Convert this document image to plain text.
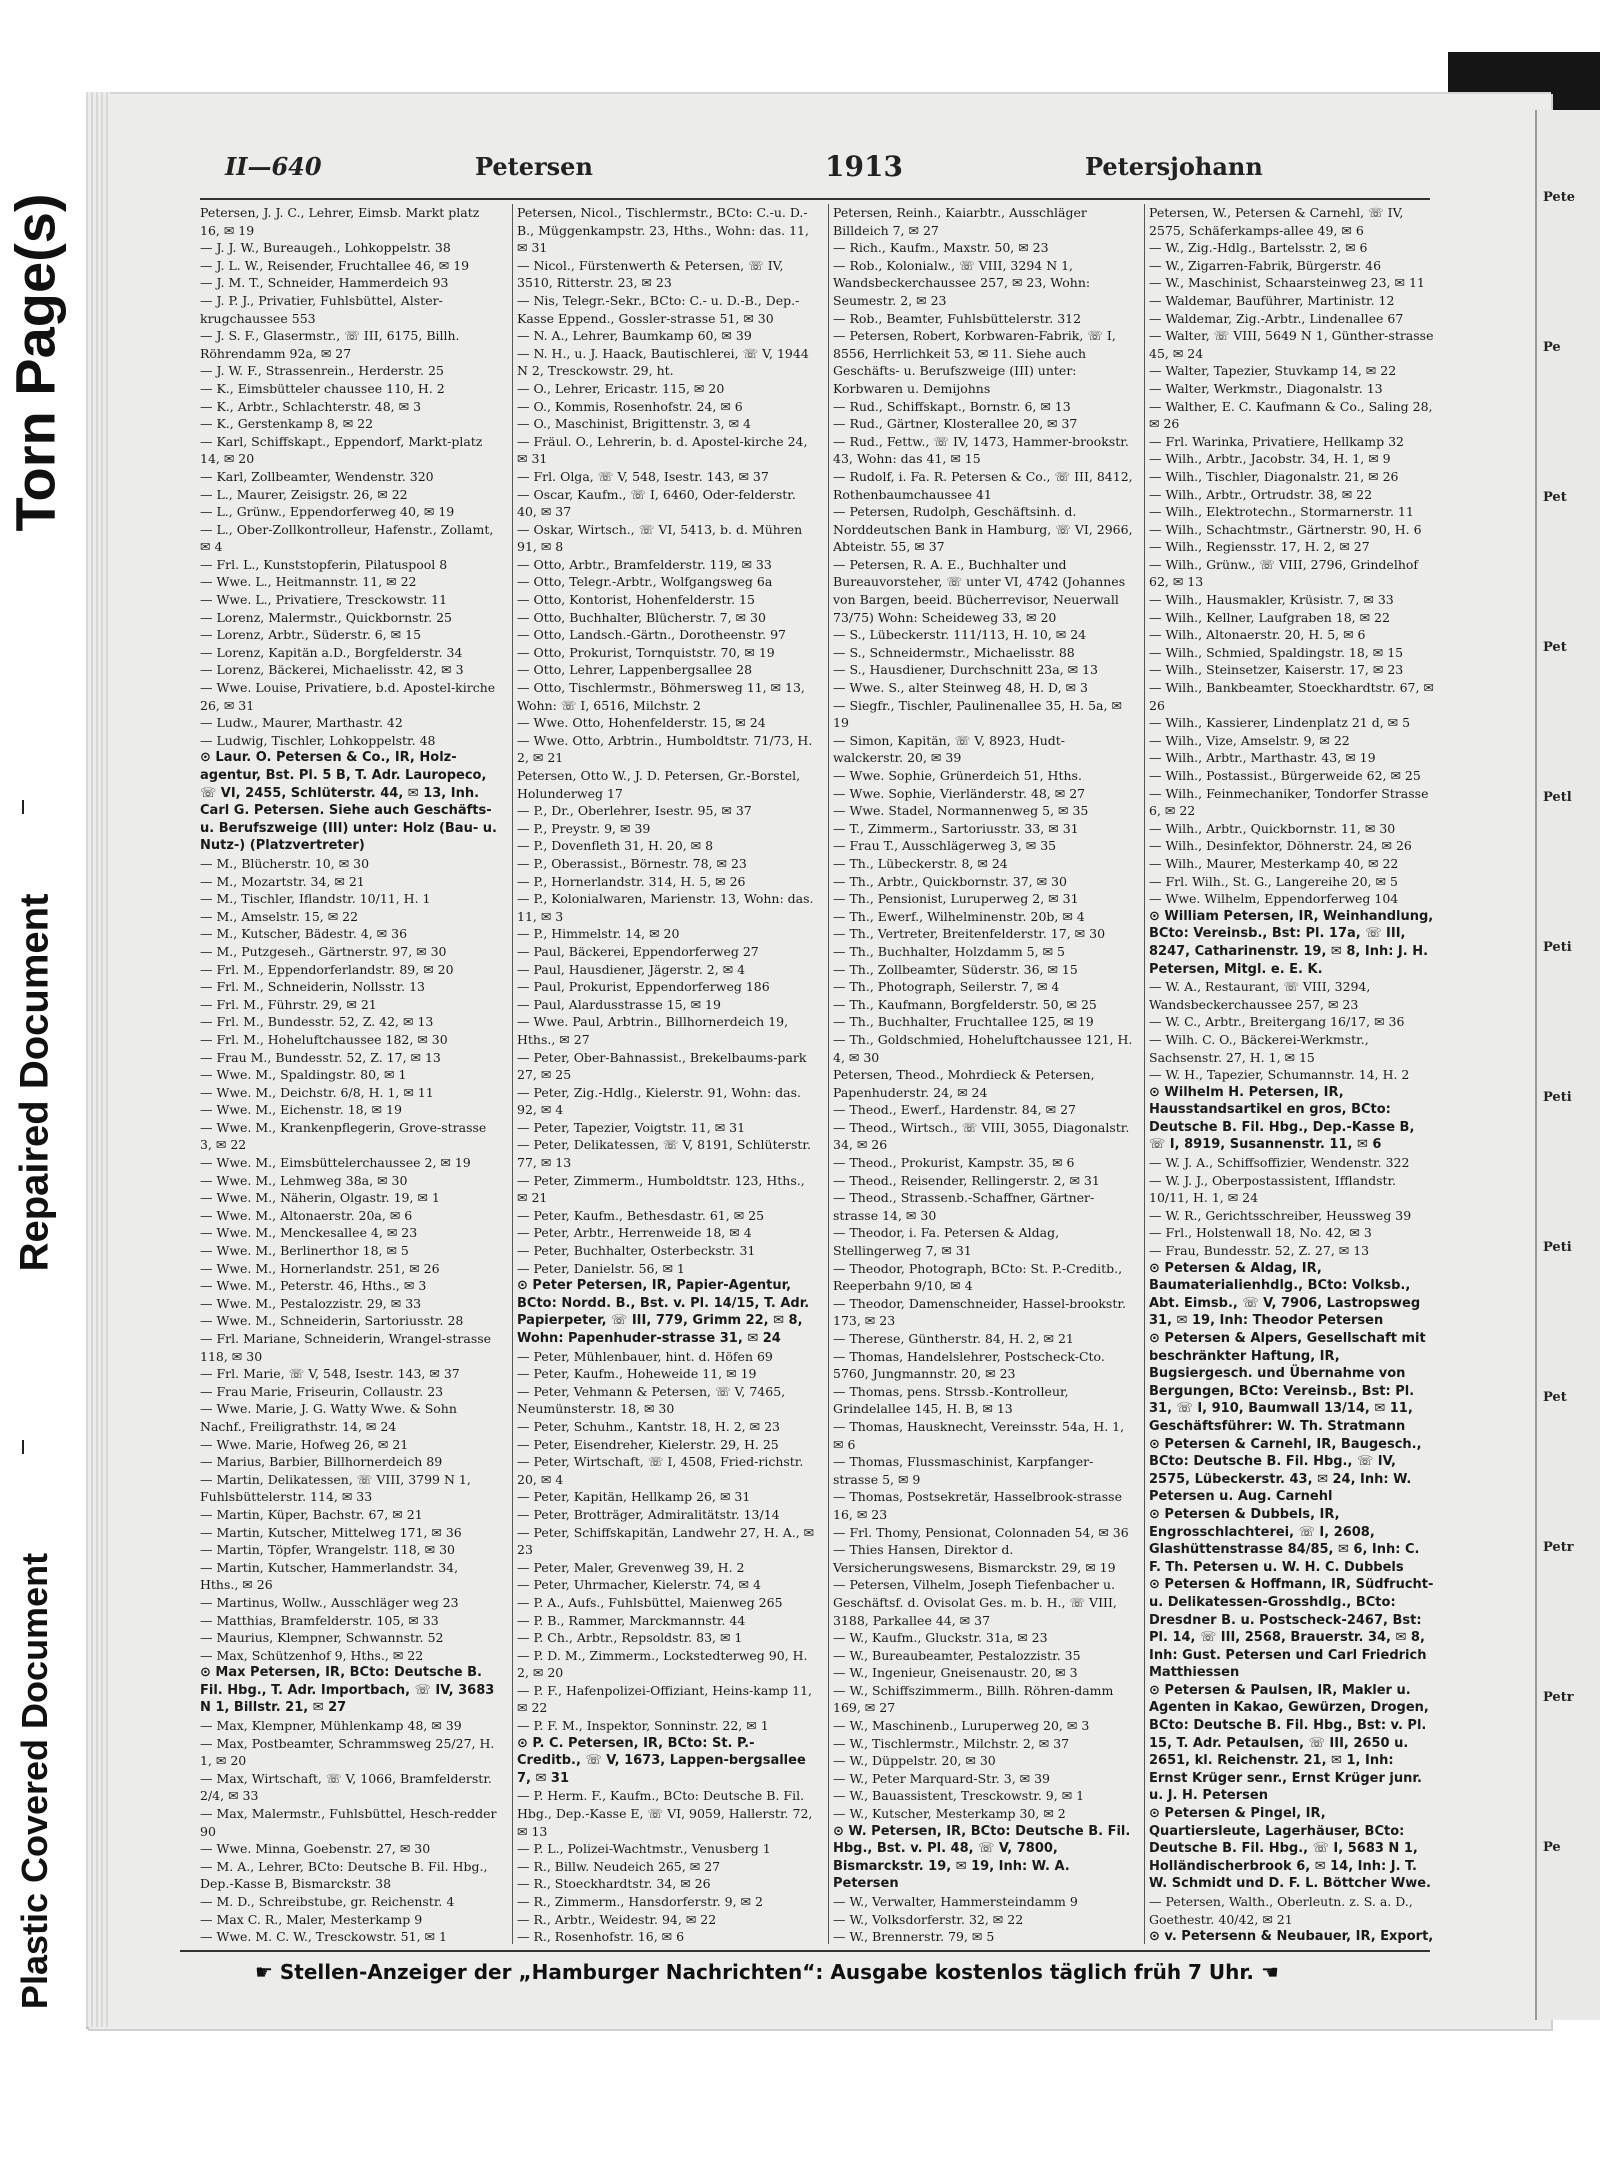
Torn Page(s)
Repaired Document
Plastic Covered Document
Pete
Pe
Pet
Pet
Petl
Peti
Peti
Peti
Pet
Petr
Petr
Pe
II—640	Petersen	1913	Petersjohann

Petersen, J. J. C., Lehrer, Eimsb. Markt platz 16, ✉ 19

— J. J. W., Bureaugeh., Lohkoppelstr. 38

— J. L. W., Reisender, Fruchtallee 46, ✉ 19

— J. M. T., Schneider, Hammerdeich 93

— J. P. J., Privatier, Fuhlsbüttel, Alster-krugchaussee 553

— J. S. F., Glasermstr., ☏ III, 6175, Billh. Röhrendamm 92a, ✉ 27

— J. W. F., Strassenrein., Herderstr. 25

— K., Eimsbütteler chaussee 110, H. 2

— K., Arbtr., Schlachterstr. 48, ✉ 3

— K., Gerstenkamp 8, ✉ 22

— Karl, Schiffskapt., Eppendorf, Markt-platz 14, ✉ 20

— Karl, Zollbeamter, Wendenstr. 320

— L., Maurer, Zeisigstr. 26, ✉ 22

— L., Grünw., Eppendorferweg 40, ✉ 19

— L., Ober-Zollkontrolleur, Hafenstr., Zollamt, ✉ 4

— Frl. L., Kunststopferin, Pilatuspool 8

— Wwe. L., Heitmannstr. 11, ✉ 22

— Wwe. L., Privatiere, Tresckowstr. 11

— Lorenz, Malermstr., Quickbornstr. 25

— Lorenz, Arbtr., Süderstr. 6, ✉ 15

— Lorenz, Kapitän a.D., Borgfelderstr. 34

— Lorenz, Bäckerei, Michaelisstr. 42, ✉ 3

— Wwe. Louise, Privatiere, b.d. Apostel-kirche 26, ✉ 31

— Ludw., Maurer, Marthastr. 42

— Ludwig, Tischler, Lohkoppelstr. 48

⊙ Laur. O. Petersen & Co., IR, Holz-agentur, Bst. Pl. 5 B, T. Adr. Lauropeco, ☏ VI, 2455, Schlüterstr. 44, ✉ 13, Inh. Carl G. Petersen. Siehe auch Geschäfts- u. Berufszweige (III) unter: Holz (Bau- u. Nutz-) (Platzvertreter)

— M., Blücherstr. 10, ✉ 30

— M., Mozartstr. 34, ✉ 21

— M., Tischler, Iflandstr. 10/11, H. 1

— M., Amselstr. 15, ✉ 22

— M., Kutscher, Bädestr. 4, ✉ 36

— M., Putzgeseh., Gärtnerstr. 97, ✉ 30

— Frl. M., Eppendorferlandstr. 89, ✉ 20

— Frl. M., Schneiderin, Nollsstr. 13

— Frl. M., Führstr. 29, ✉ 21

— Frl. M., Bundesstr. 52, Z. 42, ✉ 13

— Frl. M., Hoheluftchaussee 182, ✉ 30

— Frau M., Bundesstr. 52, Z. 17, ✉ 13

— Wwe. M., Spaldingstr. 80, ✉ 1

— Wwe. M., Deichstr. 6/8, H. 1, ✉ 11

— Wwe. M., Eichenstr. 18, ✉ 19

— Wwe. M., Krankenpflegerin, Grove-strasse 3, ✉ 22

— Wwe. M., Eimsbüttelerchaussee 2, ✉ 19

— Wwe. M., Lehmweg 38a, ✉ 30

— Wwe. M., Näherin, Olgastr. 19, ✉ 1

— Wwe. M., Altonaerstr. 20a, ✉ 6

— Wwe. M., Menckesallee 4, ✉ 23

— Wwe. M., Berlinerthor 18, ✉ 5

— Wwe. M., Hornerlandstr. 251, ✉ 26

— Wwe. M., Peterstr. 46, Hths., ✉ 3

— Wwe. M., Pestalozzistr. 29, ✉ 33

— Wwe. M., Schneiderin, Sartoriusstr. 28

— Frl. Mariane, Schneiderin, Wrangel-strasse 118, ✉ 30

— Frl. Marie, ☏ V, 548, Isestr. 143, ✉ 37

— Frau Marie, Friseurin, Collaustr. 23

— Wwe. Marie, J. G. Watty Wwe. & Sohn Nachf., Freiligrathstr. 14, ✉ 24

— Wwe. Marie, Hofweg 26, ✉ 21

— Marius, Barbier, Billhornerdeich 89

— Martin, Delikatessen, ☏ VIII, 3799 N 1, Fuhlsbüttelerstr. 114, ✉ 33

— Martin, Küper, Bachstr. 67, ✉ 21

— Martin, Kutscher, Mittelweg 171, ✉ 36

— Martin, Töpfer, Wrangelstr. 118, ✉ 30

— Martin, Kutscher, Hammerlandstr. 34, Hths., ✉ 26

— Martinus, Wollw., Ausschläger weg 23

— Matthias, Bramfelderstr. 105, ✉ 33

— Maurius, Klempner, Schwannstr. 52

— Max, Schützenhof 9, Hths., ✉ 22

⊙ Max Petersen, IR, BCto: Deutsche B. Fil. Hbg., T. Adr. Importbach, ☏ IV, 3683 N 1, Billstr. 21, ✉ 27

— Max, Klempner, Mühlenkamp 48, ✉ 39

— Max, Postbeamter, Schrammsweg 25/27, H. 1, ✉ 20

— Max, Wirtschaft, ☏ V, 1066, Bramfelderstr. 2/4, ✉ 33

— Max, Malermstr., Fuhlsbüttel, Hesch-redder 90

— Wwe. Minna, Goebenstr. 27, ✉ 30

— M. A., Lehrer, BCto: Deutsche B. Fil. Hbg., Dep.-Kasse B, Bismarckstr. 38

— M. D., Schreibstube, gr. Reichenstr. 4

— Max C. R., Maler, Mesterkamp 9

— Wwe. M. C. W., Tresckowstr. 51, ✉ 1

Petersen, Nicol., Tischlermstr., BCto: C.-u. D.-B., Müggenkampstr. 23, Hths., Wohn: das. 11, ✉ 31

— Nicol., Fürstenwerth & Petersen, ☏ IV, 3510, Ritterstr. 23, ✉ 23

— Nis, Telegr.-Sekr., BCto: C.- u. D.-B., Dep.-Kasse Eppend., Gossler-strasse 51, ✉ 30

— N. A., Lehrer, Baumkamp 60, ✉ 39

— N. H., u. J. Haack, Bautischlerei, ☏ V, 1944 N 2, Tresckowstr. 29, ht.

— O., Lehrer, Ericastr. 115, ✉ 20

— O., Kommis, Rosenhofstr. 24, ✉ 6

— O., Maschinist, Brigittenstr. 3, ✉ 4

— Fräul. O., Lehrerin, b. d. Apostel-kirche 24, ✉ 31

— Frl. Olga, ☏ V, 548, Isestr. 143, ✉ 37

— Oscar, Kaufm., ☏ I, 6460, Oder-felderstr. 40, ✉ 37

— Oskar, Wirtsch., ☏ VI, 5413, b. d. Mühren 91, ✉ 8

— Otto, Arbtr., Bramfelderstr. 119, ✉ 33

— Otto, Telegr.-Arbtr., Wolfgangsweg 6a

— Otto, Kontorist, Hohenfelderstr. 15

— Otto, Buchhalter, Blücherstr. 7, ✉ 30

— Otto, Landsch.-Gärtn., Dorotheenstr. 97

— Otto, Prokurist, Tornquiststr. 70, ✉ 19

— Otto, Lehrer, Lappenbergsallee 28

— Otto, Tischlermstr., Böhmersweg 11, ✉ 13, Wohn: ☏ I, 6516, Milchstr. 2

— Wwe. Otto, Hohenfelderstr. 15, ✉ 24

— Wwe. Otto, Arbtrin., Humboldtstr. 71/73, H. 2, ✉ 21

Petersen, Otto W., J. D. Petersen, Gr.-Borstel, Holunderweg 17

— P., Dr., Oberlehrer, Isestr. 95, ✉ 37

— P., Preystr. 9, ✉ 39

— P., Dovenfleth 31, H. 20, ✉ 8

— P., Oberassist., Börnestr. 78, ✉ 23

— P., Hornerlandstr. 314, H. 5, ✉ 26

— P., Kolonialwaren, Marienstr. 13, Wohn: das. 11, ✉ 3

— P., Himmelstr. 14, ✉ 20

— Paul, Bäckerei, Eppendorferweg 27

— Paul, Hausdiener, Jägerstr. 2, ✉ 4

— Paul, Prokurist, Eppendorferweg 186

— Paul, Alardusstrasse 15, ✉ 19

— Wwe. Paul, Arbtrin., Billhornerdeich 19, Hths., ✉ 27

— Peter, Ober-Bahnassist., Brekelbaums-park 27, ✉ 25

— Peter, Zig.-Hdlg., Kielerstr. 91, Wohn: das. 92, ✉ 4

— Peter, Tapezier, Voigtstr. 11, ✉ 31

— Peter, Delikatessen, ☏ V, 8191, Schlüterstr. 77, ✉ 13

— Peter, Zimmerm., Humboldtstr. 123, Hths., ✉ 21

— Peter, Kaufm., Bethesdastr. 61, ✉ 25

— Peter, Arbtr., Herrenweide 18, ✉ 4

— Peter, Buchhalter, Osterbeckstr. 31

— Peter, Danielstr. 56, ✉ 1

⊙ Peter Petersen, IR, Papier-Agentur, BCto: Nordd. B., Bst. v. Pl. 14/15, T. Adr. Papierpeter, ☏ III, 779, Grimm 22, ✉ 8, Wohn: Papenhuder-strasse 31, ✉ 24

— Peter, Mühlenbauer, hint. d. Höfen 69

— Peter, Kaufm., Hoheweide 11, ✉ 19

— Peter, Vehmann & Petersen, ☏ V, 7465, Neumünsterstr. 18, ✉ 30

— Peter, Schuhm., Kantstr. 18, H. 2, ✉ 23

— Peter, Eisendreher, Kielerstr. 29, H. 25

— Peter, Wirtschaft, ☏ I, 4508, Fried-richstr. 20, ✉ 4

— Peter, Kapitän, Hellkamp 26, ✉ 31

— Peter, Brotträger, Admiralitätstr. 13/14

— Peter, Schiffskapitän, Landwehr 27, H. A., ✉ 23

— Peter, Maler, Grevenweg 39, H. 2

— Peter, Uhrmacher, Kielerstr. 74, ✉ 4

— P. A., Aufs., Fuhlsbüttel, Maienweg 265

— P. B., Rammer, Marckmannstr. 44

— P. Ch., Arbtr., Repsoldstr. 83, ✉ 1

— P. D. M., Zimmerm., Lockstedterweg 90, H. 2, ✉ 20

— P. F., Hafenpolizei-Offiziant, Heins-kamp 11, ✉ 22

— P. F. M., Inspektor, Sonninstr. 22, ✉ 1

⊙ P. C. Petersen, IR, BCto: St. P.-Creditb., ☏ V, 1673, Lappen-bergsallee 7, ✉ 31

— P. Herm. F., Kaufm., BCto: Deutsche B. Fil. Hbg., Dep.-Kasse E, ☏ VI, 9059, Hallerstr. 72, ✉ 13

— P. L., Polizei-Wachtmstr., Venusberg 1

— R., Billw. Neudeich 265, ✉ 27

— R., Stoeckhardtstr. 34, ✉ 26

— R., Zimmerm., Hansdorferstr. 9, ✉ 2

— R., Arbtr., Weidestr. 94, ✉ 22

— R., Rosenhofstr. 16, ✉ 6

Petersen, Reinh., Kaiarbtr., Ausschläger Billdeich 7, ✉ 27

— Rich., Kaufm., Maxstr. 50, ✉ 23

— Rob., Kolonialw., ☏ VIII, 3294 N 1, Wandsbeckerchaussee 257, ✉ 23, Wohn: Seumestr. 2, ✉ 23

— Rob., Beamter, Fuhlsbüttelerstr. 312

— Petersen, Robert, Korbwaren-Fabrik, ☏ I, 8556, Herrlichkeit 53, ✉ 11. Siehe auch Geschäfts- u. Berufszweige (III) unter: Korbwaren u. Demijohns

— Rud., Schiffskapt., Bornstr. 6, ✉ 13

— Rud., Gärtner, Klosterallee 20, ✉ 37

— Rud., Fettw., ☏ IV, 1473, Hammer-brookstr. 43, Wohn: das 41, ✉ 15

— Rudolf, i. Fa. R. Petersen & Co., ☏ III, 8412, Rothenbaumchaussee 41

— Petersen, Rudolph, Geschäftsinh. d. Norddeutschen Bank in Hamburg, ☏ VI, 2966, Abteistr. 55, ✉ 37

— Petersen, R. A. E., Buchhalter und Bureauvorsteher, ☏ unter VI, 4742 (Johannes von Bargen, beeid. Bücherrevisor, Neuerwall 73/75) Wohn: Scheideweg 33, ✉ 20

— S., Lübeckerstr. 111/113, H. 10, ✉ 24

— S., Schneidermstr., Michaelisstr. 88

— S., Hausdiener, Durchschnitt 23a, ✉ 13

— Wwe. S., alter Steinweg 48, H. D, ✉ 3

— Siegfr., Tischler, Paulinenallee 35, H. 5a, ✉ 19

— Simon, Kapitän, ☏ V, 8923, Hudt-walckerstr. 20, ✉ 39

— Wwe. Sophie, Grünerdeich 51, Hths.

— Wwe. Sophie, Vierländerstr. 48, ✉ 27

— Wwe. Stadel, Normannenweg 5, ✉ 35

— T., Zimmerm., Sartoriusstr. 33, ✉ 31

— Frau T., Ausschlägerweg 3, ✉ 35

— Th., Lübeckerstr. 8, ✉ 24

— Th., Arbtr., Quickbornstr. 37, ✉ 30

— Th., Pensionist, Luruperweg 2, ✉ 31

— Th., Ewerf., Wilhelminenstr. 20b, ✉ 4

— Th., Vertreter, Breitenfelderstr. 17, ✉ 30

— Th., Buchhalter, Holzdamm 5, ✉ 5

— Th., Zollbeamter, Süderstr. 36, ✉ 15

— Th., Photograph, Seilerstr. 7, ✉ 4

— Th., Kaufmann, Borgfelderstr. 50, ✉ 25

— Th., Buchhalter, Fruchtallee 125, ✉ 19

— Th., Goldschmied, Hoheluftchaussee 121, H. 4, ✉ 30

Petersen, Theod., Mohrdieck & Petersen, Papenhuderstr. 24, ✉ 24

— Theod., Ewerf., Hardenstr. 84, ✉ 27

— Theod., Wirtsch., ☏ VIII, 3055, Diagonalstr. 34, ✉ 26

— Theod., Prokurist, Kampstr. 35, ✉ 6

— Theod., Reisender, Rellingerstr. 2, ✉ 31

— Theod., Strassenb.-Schaffner, Gärtner-strasse 14, ✉ 30

— Theodor, i. Fa. Petersen & Aldag, Stellingerweg 7, ✉ 31

— Theodor, Photograph, BCto: St. P.-Creditb., Reeperbahn 9/10, ✉ 4

— Theodor, Damenschneider, Hassel-brookstr. 173, ✉ 23

— Therese, Güntherstr. 84, H. 2, ✉ 21

— Thomas, Handelslehrer, Postscheck-Cto. 5760, Jungmannstr. 20, ✉ 23

— Thomas, pens. Strssb.-Kontrolleur, Grindelallee 145, H. B, ✉ 13

— Thomas, Hausknecht, Vereinsstr. 54a, H. 1, ✉ 6

— Thomas, Flussmaschinist, Karpfanger-strasse 5, ✉ 9

— Thomas, Postsekretär, Hasselbrook-strasse 16, ✉ 23

— Frl. Thomy, Pensionat, Colonnaden 54, ✉ 36

— Thies Hansen, Direktor d. Versicherungswesens, Bismarckstr. 29, ✉ 19

— Petersen, Vilhelm, Joseph Tiefenbacher u. Geschäftsf. d. Ovisolat Ges. m. b. H., ☏ VIII, 3188, Parkallee 44, ✉ 37

— W., Kaufm., Gluckstr. 31a, ✉ 23

— W., Bureaubeamter, Pestalozzistr. 35

— W., Ingenieur, Gneisenaustr. 20, ✉ 3

— W., Schiffszimmerm., Billh. Röhren-damm 169, ✉ 27

— W., Maschinenb., Luruperweg 20, ✉ 3

— W., Tischlermstr., Milchstr. 2, ✉ 37

— W., Düppelstr. 20, ✉ 30

— W., Peter Marquard-Str. 3, ✉ 39

— W., Bauassistent, Tresckowstr. 9, ✉ 1

— W., Kutscher, Mesterkamp 30, ✉ 2

⊙ W. Petersen, IR, BCto: Deutsche B. Fil. Hbg., Bst. v. Pl. 48, ☏ V, 7800, Bismarckstr. 19, ✉ 19, Inh: W. A. Petersen

— W., Verwalter, Hammersteindamm 9

— W., Volksdorferstr. 32, ✉ 22

— W., Brennerstr. 79, ✉ 5

Petersen, W., Petersen & Carnehl, ☏ IV, 2575, Schäferkamps-allee 49, ✉ 6

— W., Zig.-Hdlg., Bartelsstr. 2, ✉ 6

— W., Zigarren-Fabrik, Bürgerstr. 46

— W., Maschinist, Schaarsteinweg 23, ✉ 11

— Waldemar, Bauführer, Martinistr. 12

— Waldemar, Zig.-Arbtr., Lindenallee 67

— Walter, ☏ VIII, 5649 N 1, Günther-strasse 45, ✉ 24

— Walter, Tapezier, Stuvkamp 14, ✉ 22

— Walter, Werkmstr., Diagonalstr. 13

— Walther, E. C. Kaufmann & Co., Saling 28, ✉ 26

— Frl. Warinka, Privatiere, Hellkamp 32

— Wilh., Arbtr., Jacobstr. 34, H. 1, ✉ 9

— Wilh., Tischler, Diagonalstr. 21, ✉ 26

— Wilh., Arbtr., Ortrudstr. 38, ✉ 22

— Wilh., Elektrotechn., Stormarnerstr. 11

— Wilh., Schachtmstr., Gärtnerstr. 90, H. 6

— Wilh., Regiensstr. 17, H. 2, ✉ 27

— Wilh., Grünw., ☏ VIII, 2796, Grindelhof 62, ✉ 13

— Wilh., Hausmakler, Krüsistr. 7, ✉ 33

— Wilh., Kellner, Laufgraben 18, ✉ 22

— Wilh., Altonaerstr. 20, H. 5, ✉ 6

— Wilh., Schmied, Spaldingstr. 18, ✉ 15

— Wilh., Steinsetzer, Kaiserstr. 17, ✉ 23

— Wilh., Bankbeamter, Stoeckhardtstr. 67, ✉ 26

— Wilh., Kassierer, Lindenplatz 21 d, ✉ 5

— Wilh., Vize, Amselstr. 9, ✉ 22

— Wilh., Arbtr., Marthastr. 43, ✉ 19

— Wilh., Postassist., Bürgerweide 62, ✉ 25

— Wilh., Feinmechaniker, Tondorfer Strasse 6, ✉ 22

— Wilh., Arbtr., Quickbornstr. 11, ✉ 30

— Wilh., Desinfektor, Döhnerstr. 24, ✉ 26

— Wilh., Maurer, Mesterkamp 40, ✉ 22

— Frl. Wilh., St. G., Langereihe 20, ✉ 5

— Wwe. Wilhelm, Eppendorferweg 104

⊙ William Petersen, IR, Weinhandlung, BCto: Vereinsb., Bst: Pl. 17a, ☏ III, 8247, Catharinenstr. 19, ✉ 8, Inh: J. H. Petersen, Mitgl. e. E. K.

— W. A., Restaurant, ☏ VIII, 3294, Wandsbeckerchaussee 257, ✉ 23

— W. C., Arbtr., Breitergang 16/17, ✉ 36

— Wilh. C. O., Bäckerei-Werkmstr., Sachsenstr. 27, H. 1, ✉ 15

— W. H., Tapezier, Schumannstr. 14, H. 2

⊙ Wilhelm H. Petersen, IR, Hausstandsartikel en gros, BCto: Deutsche B. Fil. Hbg., Dep.-Kasse B, ☏ I, 8919, Susannenstr. 11, ✉ 6

— W. J. A., Schiffsoffizier, Wendenstr. 322

— W. J. J., Oberpostassistent, Ifflandstr. 10/11, H. 1, ✉ 24

— W. R., Gerichtsschreiber, Heussweg 39

— Frl., Holstenwall 18, No. 42, ✉ 3

— Frau, Bundesstr. 52, Z. 27, ✉ 13

⊙ Petersen & Aldag, IR, Baumaterialienhdlg., BCto: Volksb., Abt. Eimsb., ☏ V, 7906, Lastropsweg 31, ✉ 19, Inh: Theodor Petersen

⊙ Petersen & Alpers, Gesellschaft mit beschränkter Haftung, IR, Bugsiergesch. und Übernahme von Bergungen, BCto: Vereinsb., Bst: Pl. 31, ☏ I, 910, Baumwall 13/14, ✉ 11, Geschäftsführer: W. Th. Stratmann

⊙ Petersen & Carnehl, IR, Baugesch., BCto: Deutsche B. Fil. Hbg., ☏ IV, 2575, Lübeckerstr. 43, ✉ 24, Inh: W. Petersen u. Aug. Carnehl

⊙ Petersen & Dubbels, IR, Engrosschlachterei, ☏ I, 2608, Glashüttenstrasse 84/85, ✉ 6, Inh: C. F. Th. Petersen u. W. H. C. Dubbels

⊙ Petersen & Hoffmann, IR, Südfrucht- u. Delikatessen-Grosshdlg., BCto: Dresdner B. u. Postscheck-2467, Bst: Pl. 14, ☏ III, 2568, Brauerstr. 34, ✉ 8, Inh: Gust. Petersen und Carl Friedrich Matthiessen

⊙ Petersen & Paulsen, IR, Makler u. Agenten in Kakao, Gewürzen, Drogen, BCto: Deutsche B. Fil. Hbg., Bst: v. Pl. 15, T. Adr. Petaulsen, ☏ III, 2650 u. 2651, kl. Reichenstr. 21, ✉ 1, Inh: Ernst Krüger senr., Ernst Krüger junr. u. J. H. Petersen

⊙ Petersen & Pingel, IR, Quartiersleute, Lagerhäuser, BCto: Deutsche B. Fil. Hbg., ☏ I, 5683 N 1, Holländischerbrook 6, ✉ 14, Inh: J. T. W. Schmidt und D. F. L. Böttcher Wwe.

— Petersen, Walth., Oberleutn. z. S. a. D., Goethestr. 40/42, ✉ 21

⊙ v. Petersenn & Neubauer, IR, Export,

☛ Stellen-Anzeiger der „Hamburger Nachrichten“: Ausgabe kostenlos täglich früh 7 Uhr. ☚
